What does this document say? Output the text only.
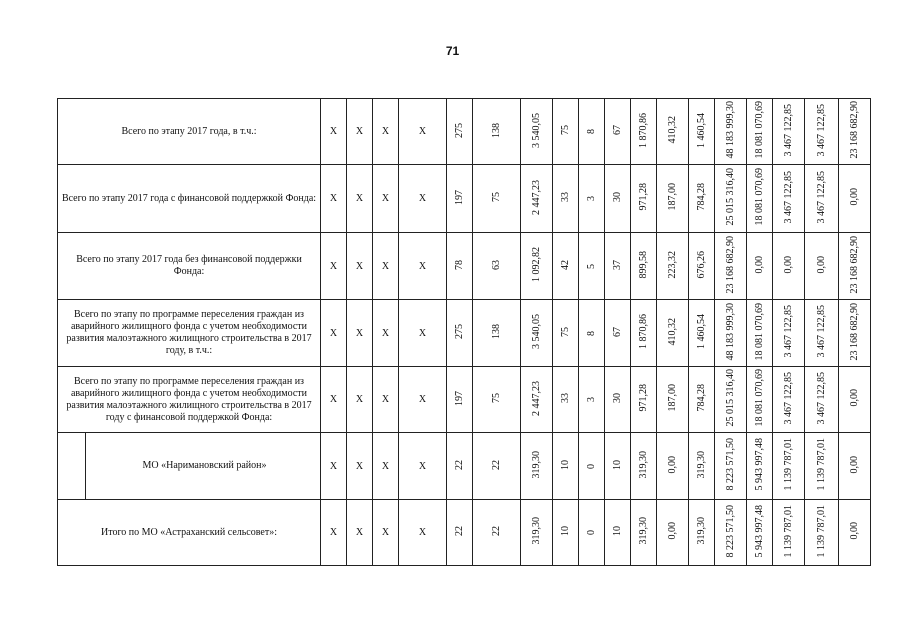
71
Всего по этапу 2017 года, в т.ч.:		X	X	X	X	275	138	3 540,05	75	8	67	1 870,86	410,32	1 460,54	48 183 999,30	18 081 070,69	3 467 122,85	3 467 122,85	23 168 682,90
Всего по этапу 2017 года с финансовой поддержкой Фонда:		X	X	X	X	197	75	2 447,23	33	3	30	971,28	187,00	784,28	25 015 316,40	18 081 070,69	3 467 122,85	3 467 122,85	0,00
Всего по этапу 2017 года без финансовой поддержки Фонда:		X	X	X	X	78	63	1 092,82	42	5	37	899,58	223,32	676,26	23 168 682,90	0,00	0,00	0,00	23 168 682,90
Всего по этапу по программе переселения граждан из аварийного жилищного фонда с учетом необходимости развития малоэтажного жилищного строительства в 2017 году, в т.ч.:		X	X	X	X	275	138	3 540,05	75	8	67	1 870,86	410,32	1 460,54	48 183 999,30	18 081 070,69	3 467 122,85	3 467 122,85	23 168 682,90
Всего по этапу по программе переселения граждан из аварийного жилищного фонда с учетом необходимости развития малоэтажного жилищного строительства в 2017 году с финансовой поддержкой Фонда:		X	X	X	X	197	75	2 447,23	33	3	30	971,28	187,00	784,28	25 015 316,40	18 081 070,69	3 467 122,85	3 467 122,85	0,00
	МО «Наримановский район»	X	X	X	X	22	22	319,30	10	0	10	319,30	0,00	319,30	8 223 571,50	5 943 997,48	1 139 787,01	1 139 787,01	0,00
Итого по МО «Астраханский сельсовет»:		X	X	X	X	22	22	319,30	10	0	10	319,30	0,00	319,30	8 223 571,50	5 943 997,48	1 139 787,01	1 139 787,01	0,00
